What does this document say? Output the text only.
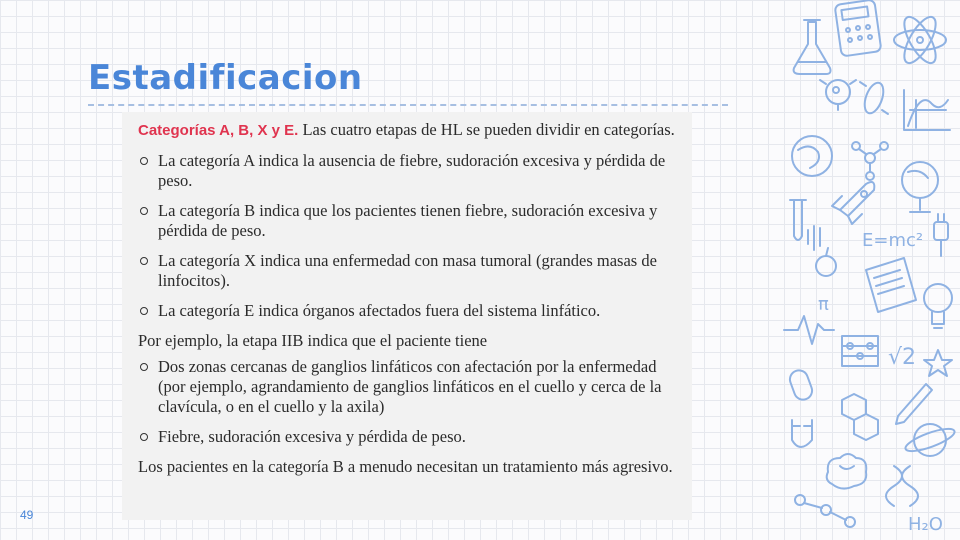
Estadificacion

Categorías A, B, X y E. Las cuatro etapas de HL se pueden dividir en categorías.

La categoría A indica la ausencia de fiebre, sudoración excesiva y pérdida de peso.
La categoría B indica que los pacientes tienen fiebre, sudoración excesiva y pérdida de peso.
La categoría X indica una enfermedad con masa tumoral (grandes masas de linfocitos).
La categoría E indica órganos afectados fuera del sistema linfático.

Por ejemplo, la etapa IIB indica que el paciente tiene

Dos zonas cercanas de ganglios linfáticos con afectación por la enfermedad (por ejemplo, agrandamiento de ganglios linfáticos en el cuello y cerca de la clavícula, o en el cuello y la axila)
Fiebre, sudoración excesiva y pérdida de peso.

Los pacientes en la categoría B a menudo necesitan un tratamiento más agresivo.

49
E=mc²
π
√2
H₂O
